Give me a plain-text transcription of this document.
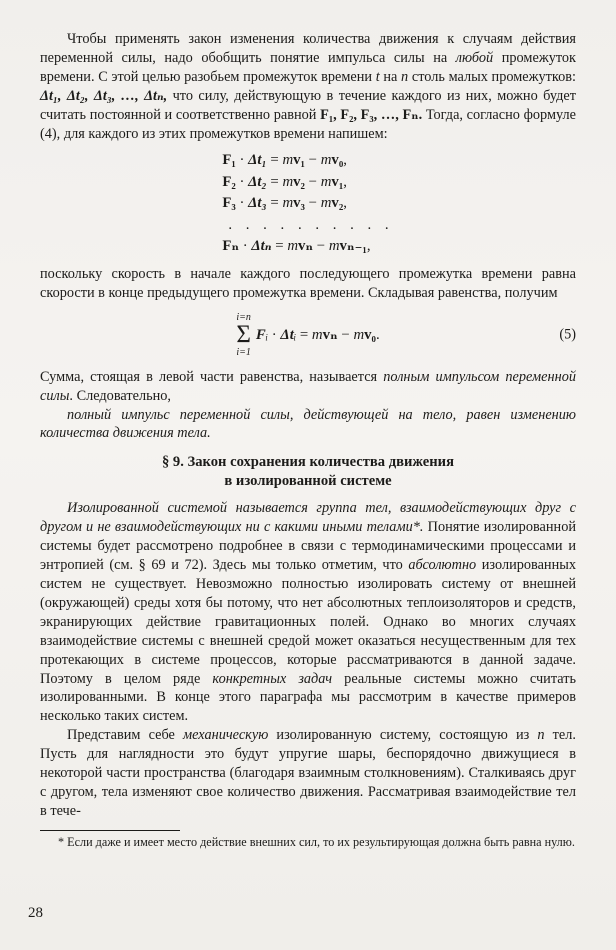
Чтобы применять закон изменения количества движения к случаям действия переменной силы, надо обобщить понятие импульса силы на любой промежуток времени. С этой целью разобьем промежуток времени t на n столь малых промежутков: Δt₁, Δt₂, Δt₃, …, Δtₙ, что силу, действующую в течение каждого из них, можно будет считать постоянной и соответственно равной F₁, F₂, F₃, …, Fₙ. Тогда, согласно формуле (4), для каждого из этих промежутков времени напишем:

F₁ · Δt₁ = mv₁ − mv₀,
F₂ · Δt₂ = mv₂ − mv₁,
F₃ · Δt₃ = mv₃ − mv₂,
. . . . . . . . . .
Fₙ · Δtₙ = mvₙ − mvₙ₋₁,

поскольку скорость в начале каждого последующего промежутка времени равна скорости в конце предыдущего промежутка времени. Складывая равенства, получим

i=n
Σ
i=1
Fᵢ · Δtᵢ = mvₙ − mv₀.	(5)

Сумма, стоящая в левой части равенства, называется полным импульсом переменной силы. Следовательно,

полный импульс переменной силы, действующей на тело, равен изменению количества движения тела.

§ 9. Закон сохранения количества движения
в изолированной системе

Изолированной системой называется группа тел, взаимодействующих друг с другом и не взаимодействующих ни с какими иными телами*. Понятие изолированной системы будет рассмотрено подробнее в связи с термодинамическими процессами и энтропией (см. § 69 и 72). Здесь мы только отметим, что абсолютно изолированных систем не существует. Невозможно полностью изолировать систему от внешней (окружающей) среды хотя бы потому, что нет абсолютных теплоизоляторов и средств, экранирующих действие гравитационных полей. Однако во многих случаях взаимодействие системы с внешней средой может оказаться несущественным для тех протекающих в системе процессов, которые рассматриваются в данной задаче. Поэтому в целом ряде конкретных задач реальные системы можно считать изолированными. В конце этого параграфа мы рассмотрим в качестве примеров несколько таких систем.

Представим себе механическую изолированную систему, состоящую из n тел. Пусть для наглядности это будут упругие шары, беспорядочно движущиеся в некоторой части пространства (благодаря взаимным столкновениям). Сталкиваясь друг с другом, тела изменяют свое количество движения. Рассматривая взаимодействие тел в тече-

* Если даже и имеет место действие внешних сил, то их результирующая должна быть равна нулю.

28
